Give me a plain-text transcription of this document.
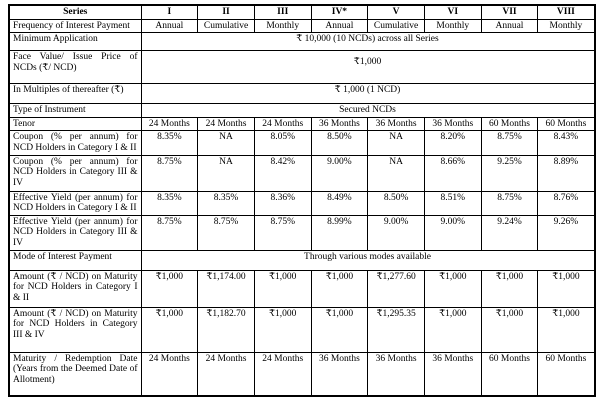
Series	I	II	III	IV*	V	VI	VII	VIII
Frequency of Interest Payment	Annual	Cumulative	Monthly	Annual	Cumulative	Monthly	Annual	Monthly
Minimum Application	₹ 10,000 (10 NCDs) across all Series							
Face Value/ Issue Price of NCDs (₹/ NCD)	₹1,000							
In Multiples of thereafter (₹)	₹ 1,000 (1 NCD)							
Type of Instrument	Secured NCDs							
Tenor	24 Months	24 Months	24 Months	36 Months	36 Months	36 Months	60 Months	60 Months
Coupon (% per annum) for NCD Holders in Category I & II	8.35%	NA	8.05%	8.50%	NA	8.20%	8.75%	8.43%
Coupon (% per annum) for NCD Holders in Category III & IV	8.75%	NA	8.42%	9.00%	NA	8.66%	9.25%	8.89%
Effective Yield (per annum) for NCD Holders in Category I & II	8.35%	8.35%	8.36%	8.49%	8.50%	8.51%	8.75%	8.76%
Effective Yield (per annum) for NCD Holders in Category III & IV	8.75%	8.75%	8.75%	8.99%	9.00%	9.00%	9.24%	9.26%
Mode of Interest Payment	Through various modes available							
Amount (₹ / NCD) on Maturity for NCD Holders in Category I & II	₹1,000	₹1,174.00	₹1,000	₹1,000	₹1,277.60	₹1,000	₹1,000	₹1,000
Amount (₹ / NCD) on Maturity for NCD Holders in Category III & IV	₹1,000	₹1,182.70	₹1,000	₹1,000	₹1,295.35	₹1,000	₹1,000	₹1,000
Maturity / Redemption Date (Years from the Deemed Date of Allotment)	24 Months	24 Months	24 Months	36 Months	36 Months	36 Months	60 Months	60 Months
